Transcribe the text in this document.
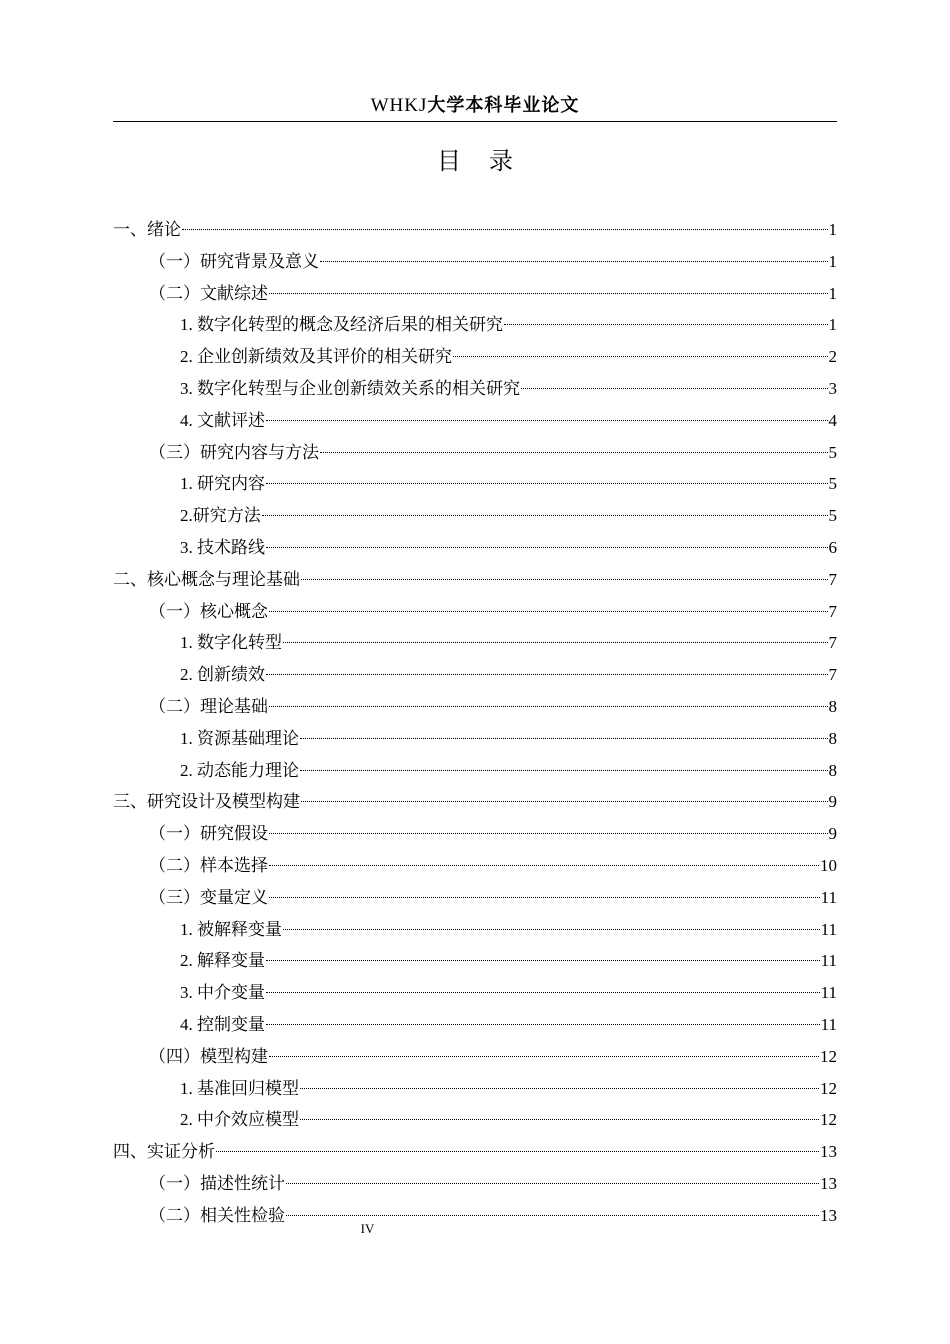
WHKJ大学本科毕业论文
目 录
一、绪论	1
（一）研究背景及意义	1
（二）文献综述	1
1. 数字化转型的概念及经济后果的相关研究	1
2. 企业创新绩效及其评价的相关研究	2
3. 数字化转型与企业创新绩效关系的相关研究	3
4. 文献评述	4
（三）研究内容与方法	5
1. 研究内容	5
2.研究方法	5
3. 技术路线	6
二、核心概念与理论基础	7
（一）核心概念	7
1. 数字化转型	7
2. 创新绩效	7
（二）理论基础	8
1. 资源基础理论	8
2. 动态能力理论	8
三、研究设计及模型构建	9
（一）研究假设	9
（二）样本选择	10
（三）变量定义	11
1. 被解释变量	11
2. 解释变量	11
3. 中介变量	11
4. 控制变量	11
（四）模型构建	12
1. 基准回归模型	12
2. 中介效应模型	12
四、实证分析	13
（一）描述性统计	13
（二）相关性检验	13
IV
